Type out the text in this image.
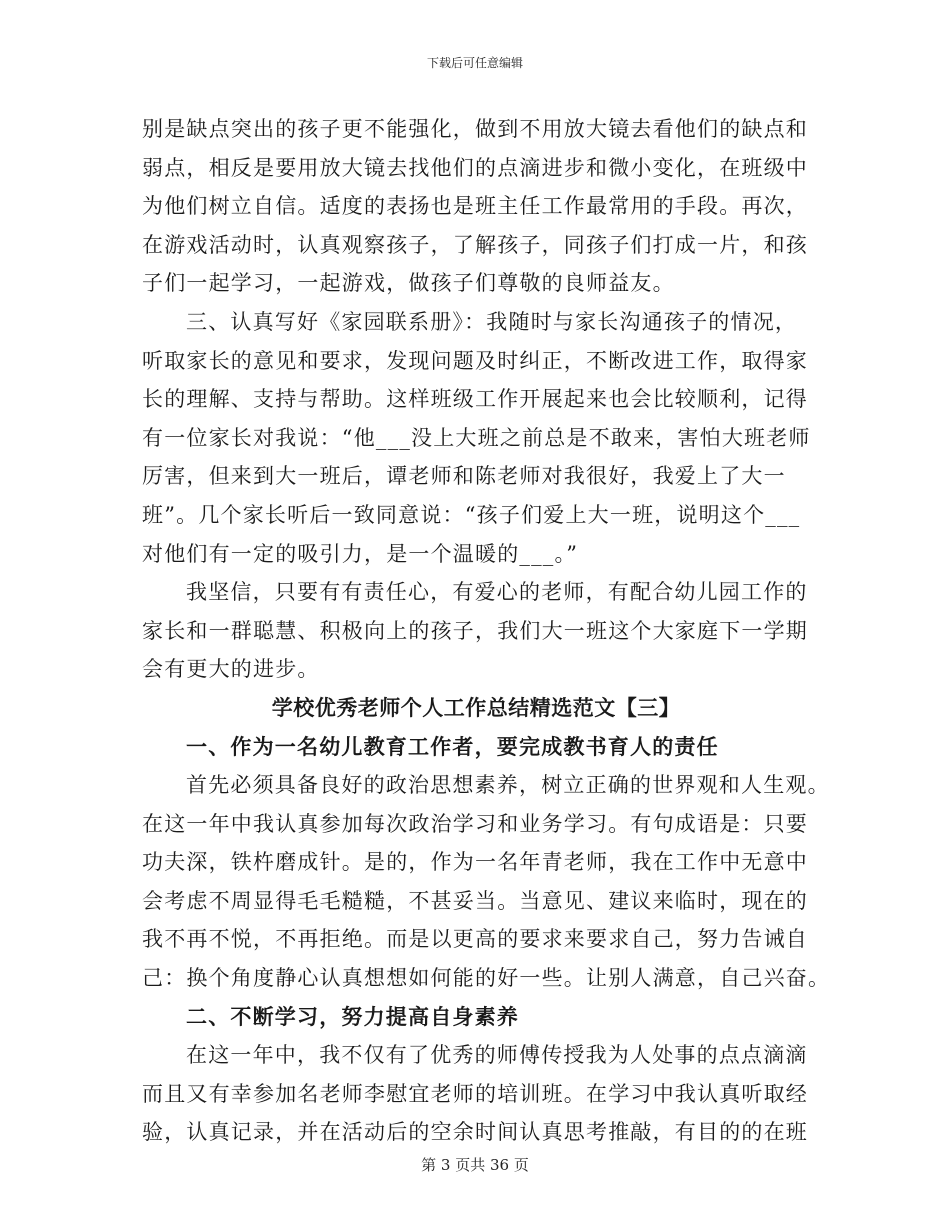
下载后可任意编辑
别是缺点突出的孩子更不能强化，做到不用放大镜去看他们的缺点和
弱点，相反是要用放大镜去找他们的点滴进步和微小变化，在班级中
为他们树立自信。适度的表扬也是班主任工作最常用的手段。再次，
在游戏活动时，认真观察孩子，了解孩子，同孩子们打成一片，和孩
子们一起学习，一起游戏，做孩子们尊敬的良师益友。
三、认真写好《家园联系册》：我随时与家长沟通孩子的情况，
听取家长的意见和要求，发现问题及时纠正，不断改进工作，取得家
长的理解、支持与帮助。这样班级工作开展起来也会比较顺利，记得
有一位家长对我说：“他___没上大班之前总是不敢来，害怕大班老师
厉害，但来到大一班后，谭老师和陈老师对我很好，我爱上了大一
班”。几个家长听后一致同意说：“孩子们爱上大一班，说明这个___
对他们有一定的吸引力，是一个温暖的___。”
我坚信，只要有有责任心，有爱心的老师，有配合幼儿园工作的
家长和一群聪慧、积极向上的孩子，我们大一班这个大家庭下一学期
会有更大的进步。
学校优秀老师个人工作总结精选范文【三】
一、作为一名幼儿教育工作者，要完成教书育人的责任
首先必须具备良好的政治思想素养，树立正确的世界观和人生观。
在这一年中我认真参加每次政治学习和业务学习。有句成语是：只要
功夫深，铁杵磨成针。是的，作为一名年青老师，我在工作中无意中
会考虑不周显得毛毛糙糙，不甚妥当。当意见、建议来临时，现在的
我不再不悦，不再拒绝。而是以更高的要求来要求自己，努力告诫自
己：换个角度静心认真想想如何能的好一些。让别人满意，自己兴奋。
二、不断学习，努力提高自身素养
在这一年中，我不仅有了优秀的师傅传授我为人处事的点点滴滴
而且又有幸参加名老师李慰宜老师的培训班。在学习中我认真听取经
验，认真记录，并在活动后的空余时间认真思考推敲，有目的的在班
第 3 页共 36 页
